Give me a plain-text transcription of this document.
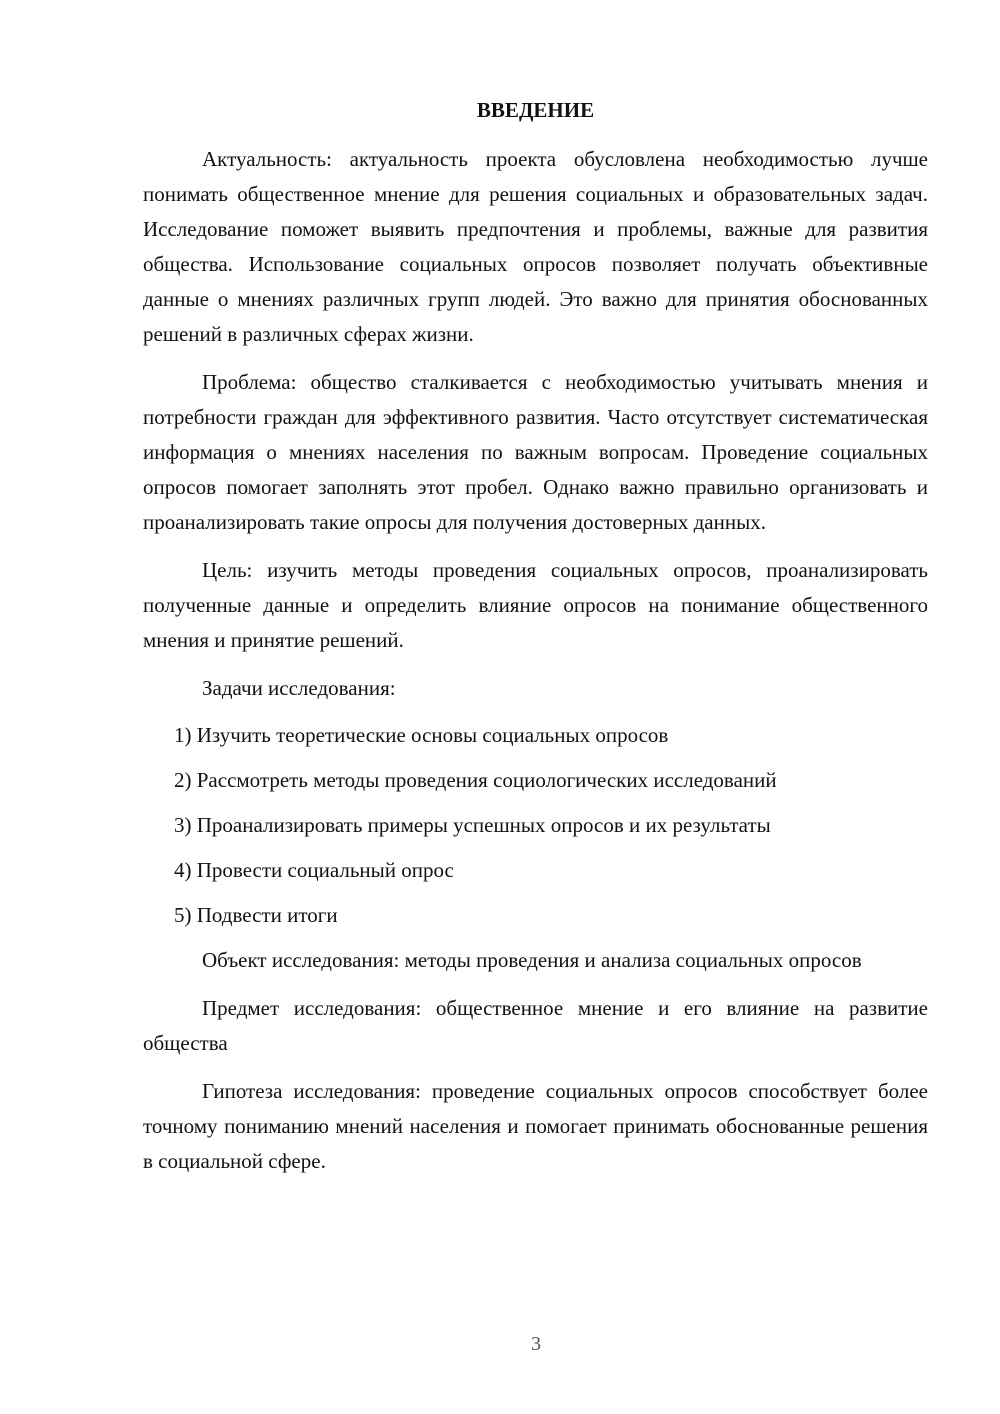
ВВЕДЕНИЕ

Актуальность: актуальность проекта обусловлена необходимостью лучше понимать общественное мнение для решения социальных и образовательных задач. Исследование поможет выявить предпочтения и проблемы, важные для развития общества. Использование социальных опросов позволяет получать объективные данные о мнениях различных групп людей. Это важно для принятия обоснованных решений в различных сферах жизни.

Проблема: общество сталкивается с необходимостью учитывать мнения и потребности граждан для эффективного развития. Часто отсутствует систематическая информация о мнениях населения по важным вопросам. Проведение социальных опросов помогает заполнять этот пробел. Однако важно правильно организовать и проанализировать такие опросы для получения достоверных данных.

Цель: изучить методы проведения социальных опросов, проанализировать полученные данные и определить влияние опросов на понимание общественного мнения и принятие решений.

Задачи исследования:
1) Изучить теоретические основы социальных опросов
2) Рассмотреть методы проведения социологических исследований
3) Проанализировать примеры успешных опросов и их результаты
4) Провести социальный опрос
5) Подвести итоги

Объект исследования: методы проведения и анализа социальных опросов

Предмет исследования: общественное мнение и его влияние на развитие общества

Гипотеза исследования: проведение социальных опросов способствует более точному пониманию мнений населения и помогает принимать обоснованные решения в социальной сфере.

3
